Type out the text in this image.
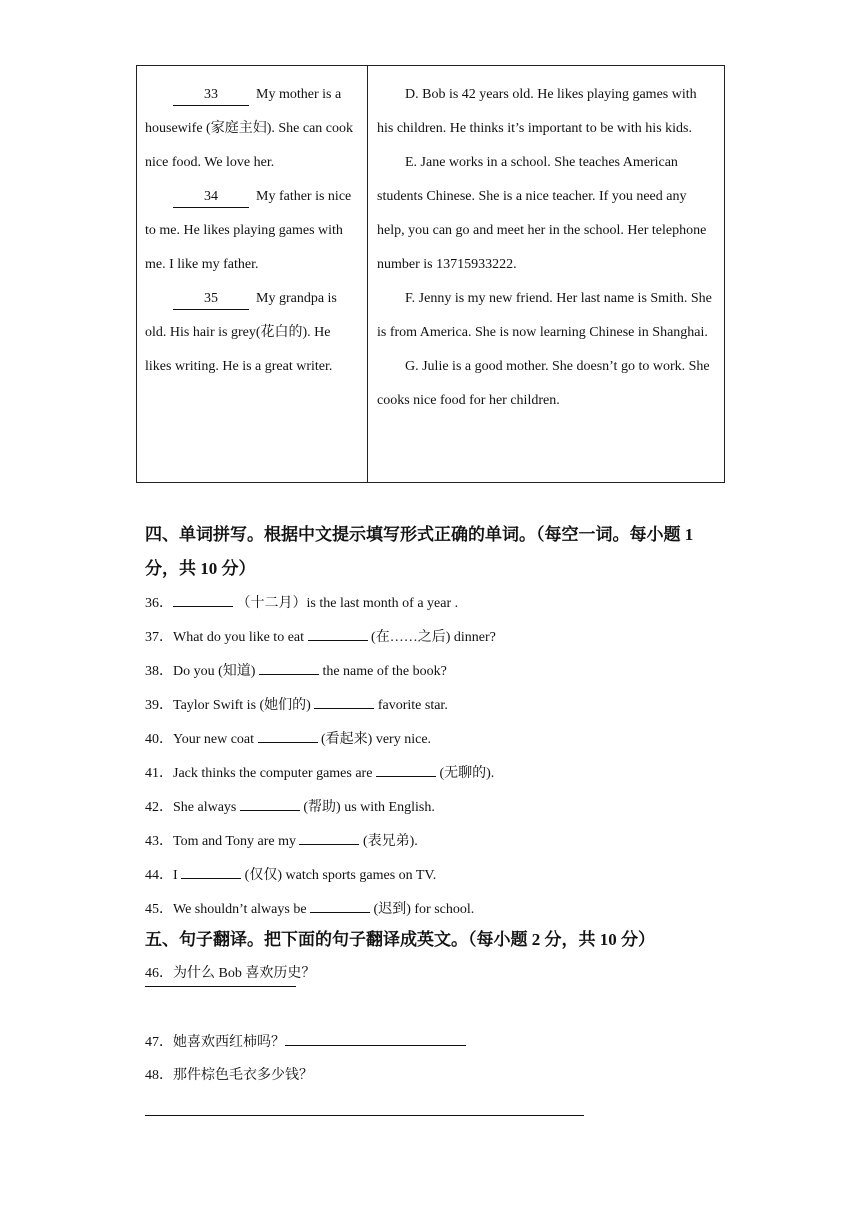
33	My mother is a housewife (家庭主妇). She can cook nice food. We love her.

34	My father is nice to me. He likes playing games with me. I like my father.

35	My grandpa is old. His hair is grey(花白的). He likes writing. He is a great writer.

D. Bob is 42 years old. He likes playing games with his children. He thinks it’s important to be with his kids.

E. Jane works in a school. She teaches American students Chinese. She is a nice teacher. If you need any help, you can go and meet her in the school. Her telephone number is 13715933222.

F. Jenny is my new friend. Her last name is Smith. She is from America. She is now learning Chinese in Shanghai.

G. Julie is a good mother. She doesn’t go to work. She cooks nice food for her children.

四、单词拼写。根据中文提示填写形式正确的单词。（每空一词。每小题 1

分，共 10 分）

36．	（十二月）is the last month of a year .
37．What do you like to eat	(在……之后) dinner?
38．Do you (知道)	the name of the book?
39．Taylor Swift is (她们的)	favorite star.
40．Your new coat	(看起来) very nice.
41．Jack thinks the computer games are	(无聊的).
42．She always	(帮助) us with English.
43．Tom and Tony are my	(表兄弟).
44．I	(仅仅) watch sports games on TV.
45．We shouldn’t always be	(迟到) for school.

五、句子翻译。把下面的句子翻译成英文。（每小题 2 分，共 10 分）

46．为什么 Bob 喜欢历史？
47．她喜欢西红柿吗？
48．那件棕色毛衣多少钱？
